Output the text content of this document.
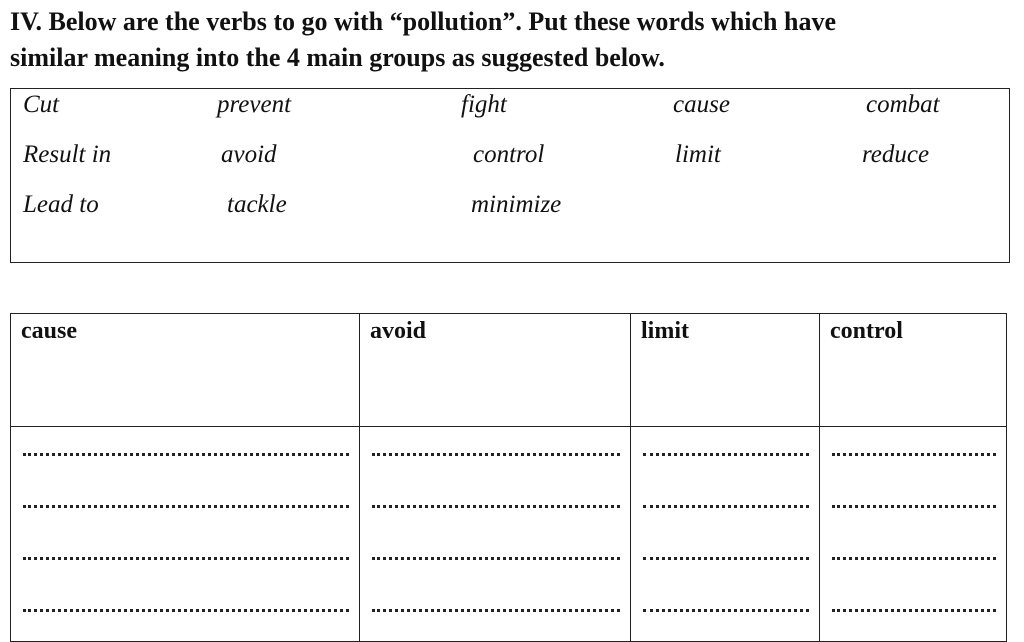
IV. Below are the verbs to go with “pollution”. Put these words which have
similar meaning into the 4 main groups as suggested below.
Cut	prevent	fight	cause	combat
Result in	avoid	control	limit	reduce
Lead to	tackle	minimize
cause	avoid	limit	control
